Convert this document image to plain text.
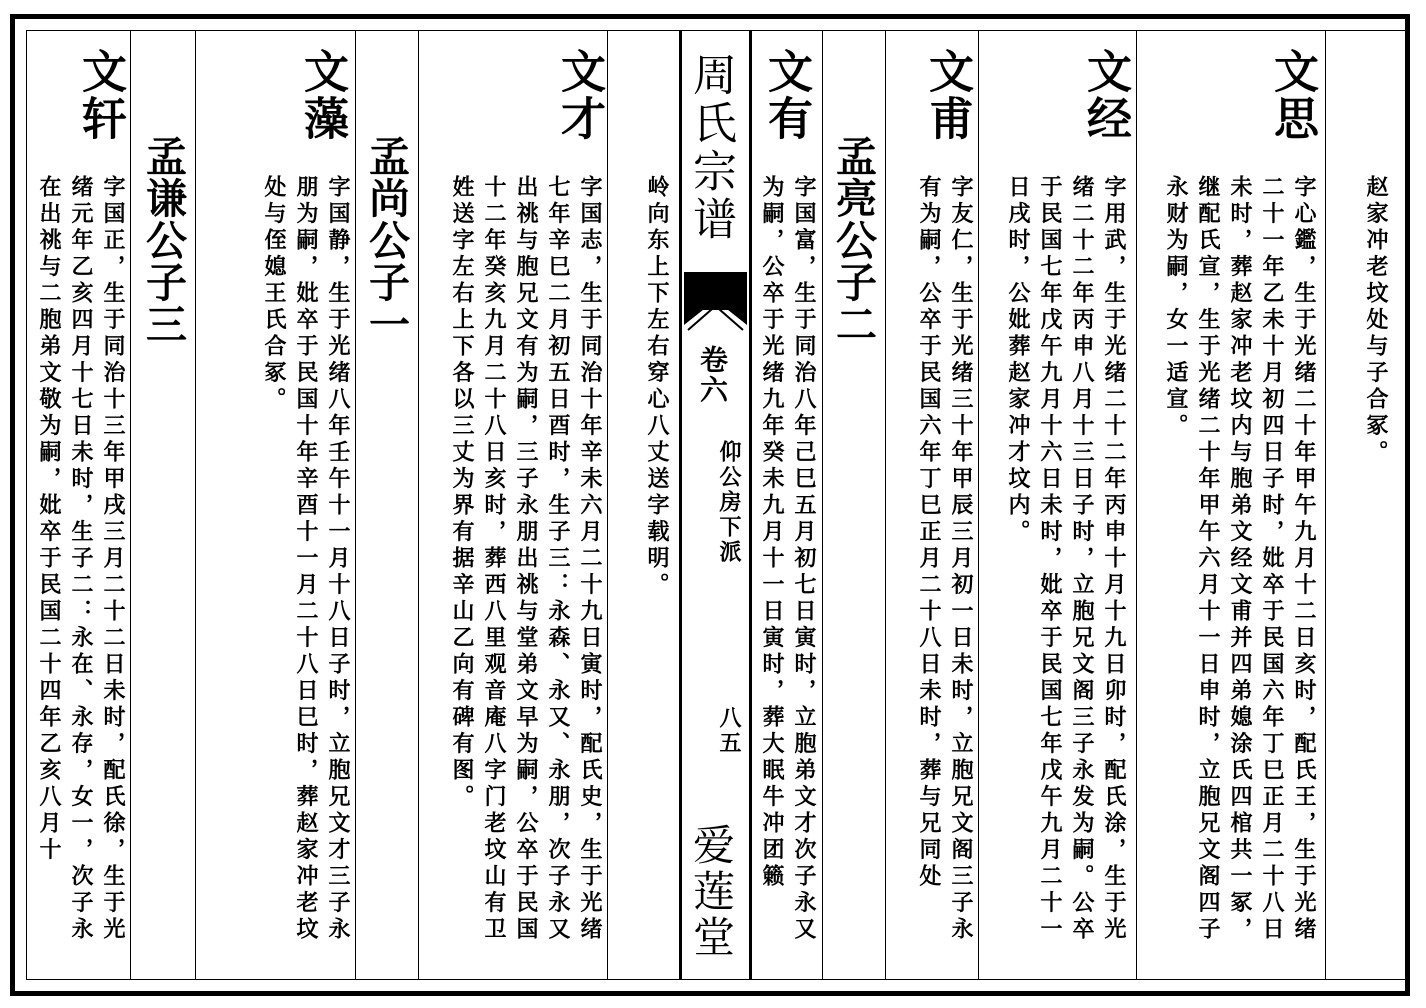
赵家冲老坟处与子合冢。
文思
字心鑑，生于光绪二十年甲午九月十二日亥时，配氏王，生于光绪二十一年乙未十月初四日子时，妣卒于民国六年丁巳正月二十八日未时，葬赵家冲老坟内与胞弟文经文甫并四弟媳涂氏四棺共一冢，继配氏宣，生于光绪二十年甲午六月十一日申时，立胞兄文阁四子永财为嗣，女一适宣。
文经
字用武，生于光绪二十二年丙申十月十九日卯时，配氏涂，生于光绪二十二年丙申八月十三日子时，立胞兄文阁三子永发为嗣。公卒于民国七年戊午九月十六日未时，妣卒于民国七年戊午九月二十一日戌时，公妣葬赵家冲才坟内。
文甫
字友仁，生于光绪三十年甲辰三月初一日未时，立胞兄文阁三子永有为嗣，公卒于民国六年丁巳正月二十八日未时，葬与兄同处
孟亮公子二
文有
字国富，生于同治八年己巳五月初七日寅时，立胞弟文才次子永又为嗣，公卒于光绪九年癸未九月十一日寅时，葬大眠牛冲团籁
周氏宗谱
卷六
仰公房下派
八五
爱莲堂
岭向东上下左右穿心八丈送字载明。
文才
字国志，生于同治十年辛未六月二十九日寅时，配氏史，生于光绪七年辛巳二月初五日酉时，生子三：永森、永又、永朋，次子永又出祧与胞兄文有为嗣，三子永朋出祧与堂弟文早为嗣，公卒于民国十二年癸亥九月二十八日亥时，葬西八里观音庵八字门老坟山有卫姓送字左右上下各以三丈为界有据辛山乙向有碑有图。
孟尚公子一
文藻
字国静，生于光绪八年壬午十一月十八日子时，立胞兄文才三子永朋为嗣，妣卒于民国十年辛酉十一月二十八日巳时，葬赵家冲老坟处与侄媳王氏合冢。
孟谦公子三
文轩
字国正，生于同治十三年甲戌三月二十二日未时，配氏徐，生于光绪元年乙亥四月十七日未时，生子二：永在、永存，女一，次子永在出祧与二胞弟文敬为嗣，妣卒于民国二十四年乙亥八月十
